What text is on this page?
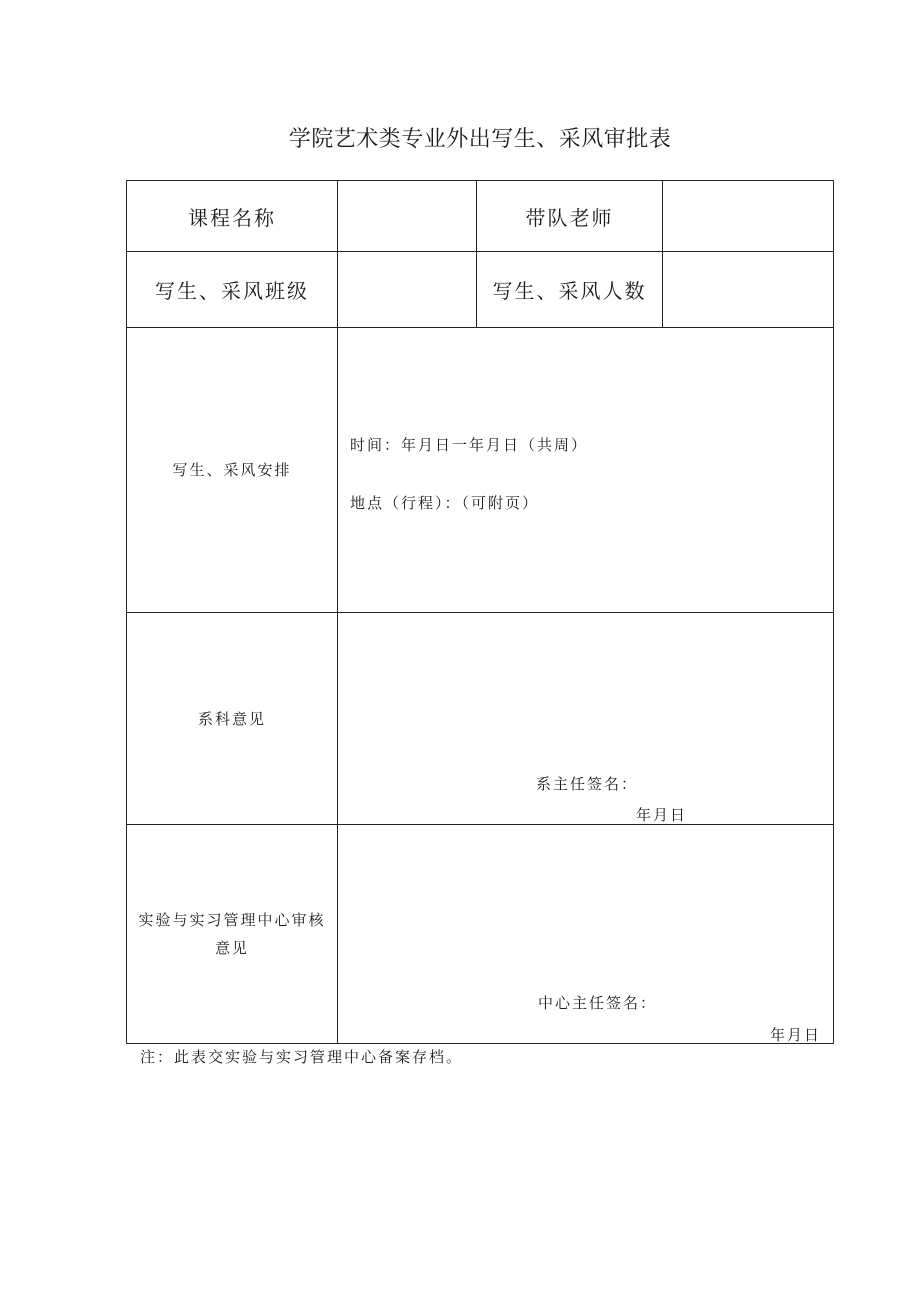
学院艺术类专业外出写生、采风审批表
课程名称	带队老师
写生、采风班级	写生、采风人数
写生、采风安排
时间：年月日一年月日（共周）
地点（行程）：（可附页）
系科意见
系主任签名：
年月日
实验与实习管理中心审核意见
中心主任签名：
年月日
注：此表交实验与实习管理中心备案存档。
